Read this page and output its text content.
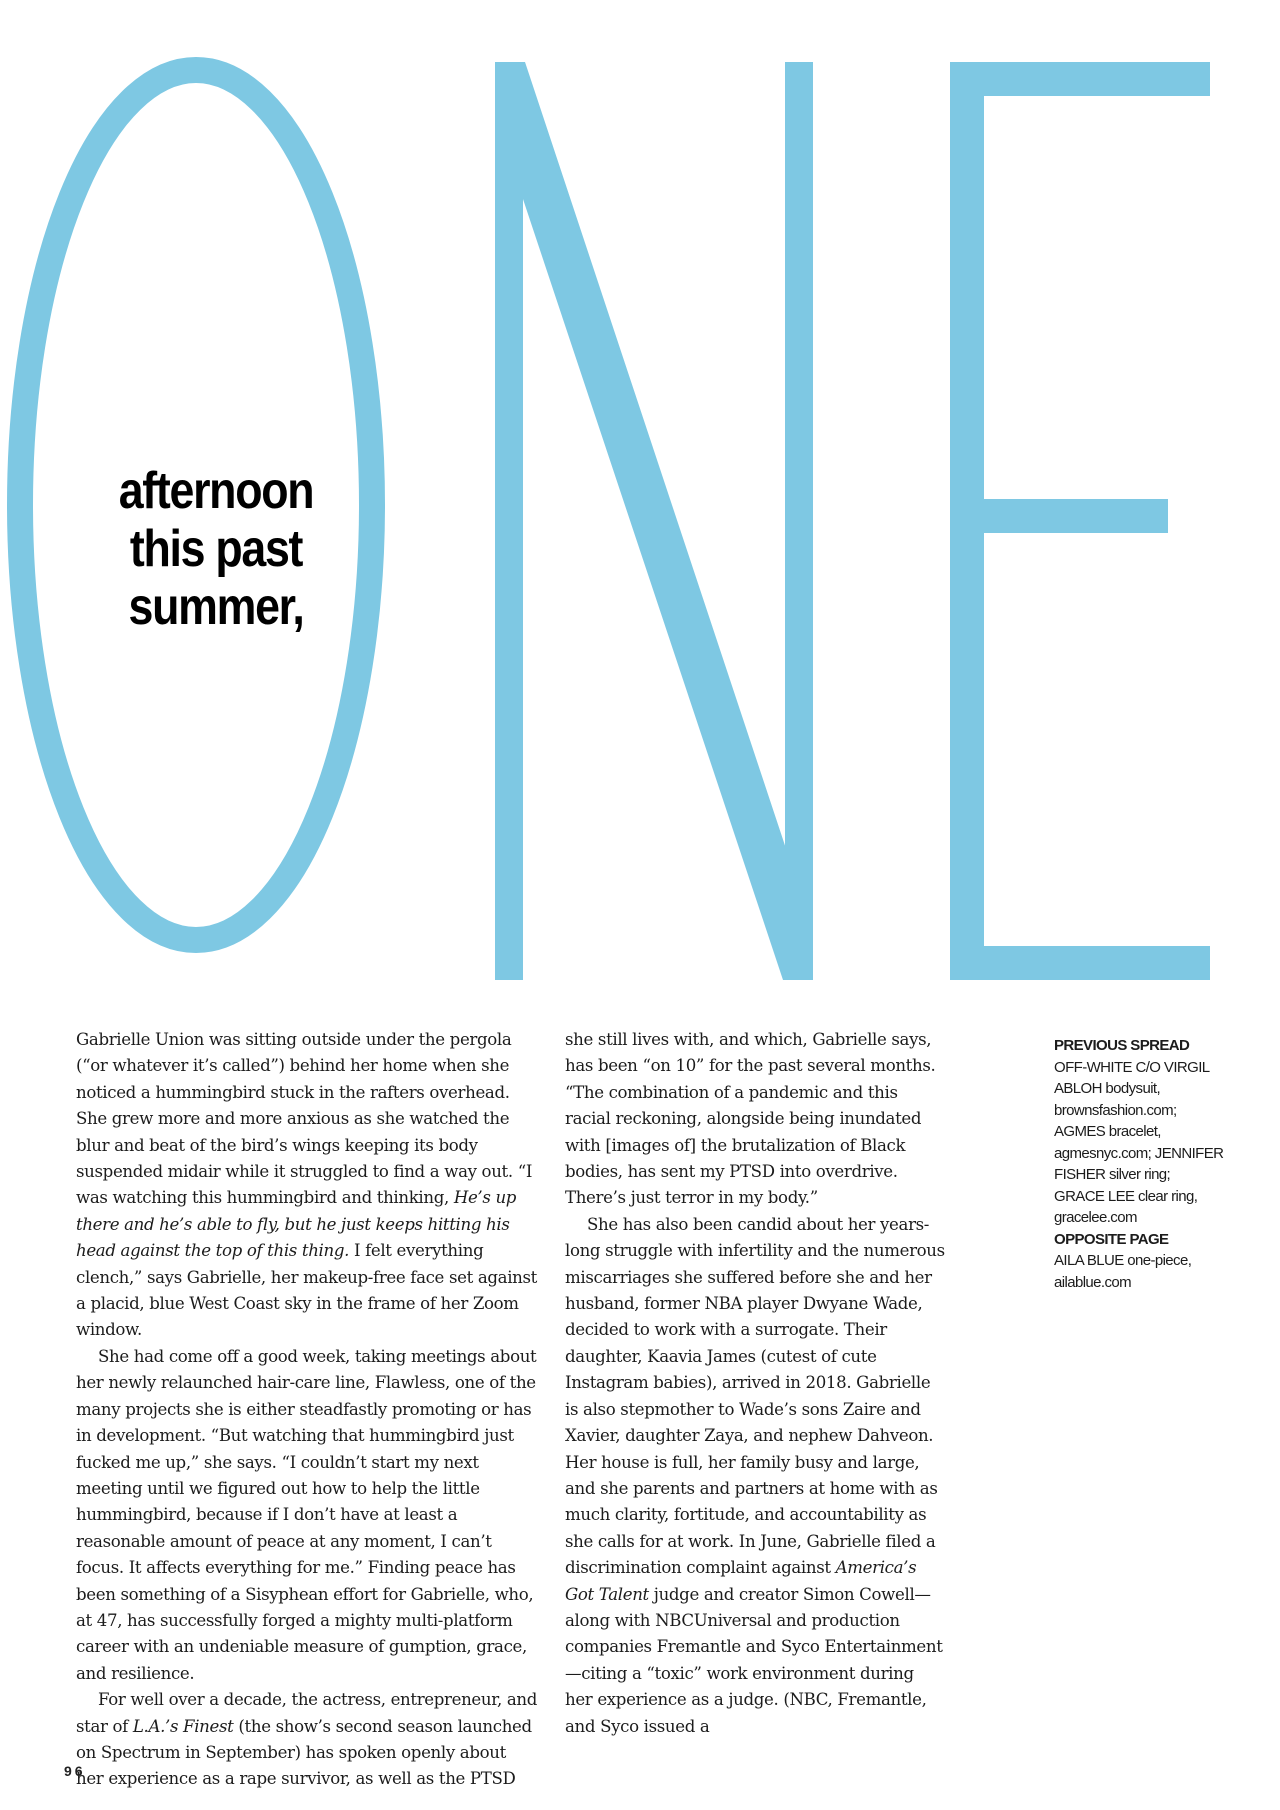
afternoon
this past
summer,

Gabrielle Union was sitting outside under the pergola (“or whatever it’s called”) behind her home when she noticed a hummingbird stuck in the rafters overhead. She grew more and more anxious as she watched the blur and beat of the bird’s wings keeping its body suspended midair while it struggled to find a way out. “I was watching this hummingbird and thinking, He’s up there and he’s able to fly, but he just keeps hitting his head against the top of this thing. I felt everything clench,” says Gabrielle, her makeup-free face set against a placid, blue West Coast sky in the frame of her Zoom window.

She had come off a good week, taking meetings about her newly relaunched hair-care line, Flawless, one of the many projects she is either steadfastly promoting or has in development. “But watching that hummingbird just fucked me up,” she says. “I couldn’t start my next meeting until we figured out how to help the little hummingbird, because if I don’t have at least a reasonable amount of peace at any moment, I can’t focus. It affects everything for me.” Finding peace has been something of a Sisyphean effort for Gabrielle, who, at 47, has successfully forged a mighty multi-platform career with an undeniable measure of gumption, grace, and resilience.

For well over a decade, the actress, entrepreneur, and star of L.A.’s Finest (the show’s second season launched on Spectrum in September) has spoken openly about her experience as a rape survivor, as well as the PTSD

she still lives with, and which, Gabrielle says, has been “on 10” for the past several months. “The combination of a pandemic and this racial reckoning, alongside being inundated with [images of] the brutalization of Black bodies, has sent my PTSD into overdrive. There’s just terror in my body.”

She has also been candid about her years-long struggle with infertility and the numerous miscarriages she suffered before she and her husband, former NBA player Dwyane Wade, decided to work with a surrogate. Their daughter, Kaavia James (cutest of cute Instagram babies), arrived in 2018. Gabrielle is also stepmother to Wade’s sons Zaire and Xavier, daughter Zaya, and nephew Dahveon. Her house is full, her family busy and large, and she parents and partners at home with as much clarity, fortitude, and accountability as she calls for at work. In June, Gabrielle filed a discrimination complaint against America’s Got Talent judge and creator Simon Cowell—along with NBCUniversal and production companies Fremantle and Syco Entertainment—citing a “toxic” work environment during her experience as a judge. (NBC, Fremantle, and Syco issued a

PREVIOUS SPREAD
OFF-WHITE C/O VIRGIL ABLOH bodysuit, brownsfashion.com; AGMES bracelet, agmesnyc.com; JENNIFER FISHER silver ring; GRACE LEE clear ring, gracelee.com
OPPOSITE PAGE
AILA BLUE one-piece, ailablue.com
96
